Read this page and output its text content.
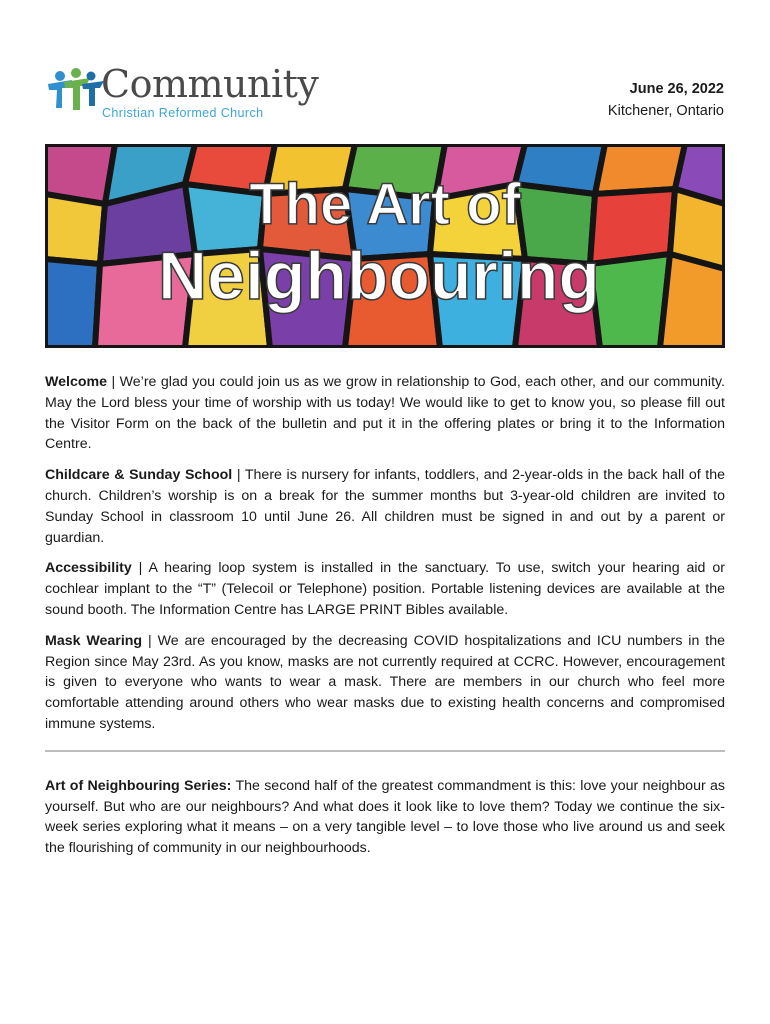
Community
Christian Reformed Church
June 26, 2022
Kitchener, Ontario
The Art of
Neighbouring

Welcome | We’re glad you could join us as we grow in relationship to God, each other, and our community. May the Lord bless your time of worship with us today! We would like to get to know you, so please fill out the Visitor Form on the back of the bulletin and put it in the offering plates or bring it to the Information Centre.

Childcare & Sunday School | There is nursery for infants, toddlers, and 2-year-olds in the back hall of the church. Children’s worship is on a break for the summer months but 3-year-old children are invited to Sunday School in classroom 10 until June 26. All children must be signed in and out by a parent or guardian.

Accessibility | A hearing loop system is installed in the sanctuary. To use, switch your hearing aid or cochlear implant to the “T” (Telecoil or Telephone) position. Portable listening devices are available at the sound booth. The Information Centre has LARGE PRINT Bibles available.

Mask Wearing | We are encouraged by the decreasing COVID hospitalizations and ICU numbers in the Region since May 23rd. As you know, masks are not currently required at CCRC. However, encouragement is given to everyone who wants to wear a mask. There are members in our church who feel more comfortable attending around others who wear masks due to existing health concerns and compromised immune systems.

Art of Neighbouring Series: The second half of the greatest commandment is this: love your neighbour as yourself. But who are our neighbours? And what does it look like to love them? Today we continue the six-week series exploring what it means – on a very tangible level – to love those who live around us and seek the flourishing of community in our neighbourhoods.
